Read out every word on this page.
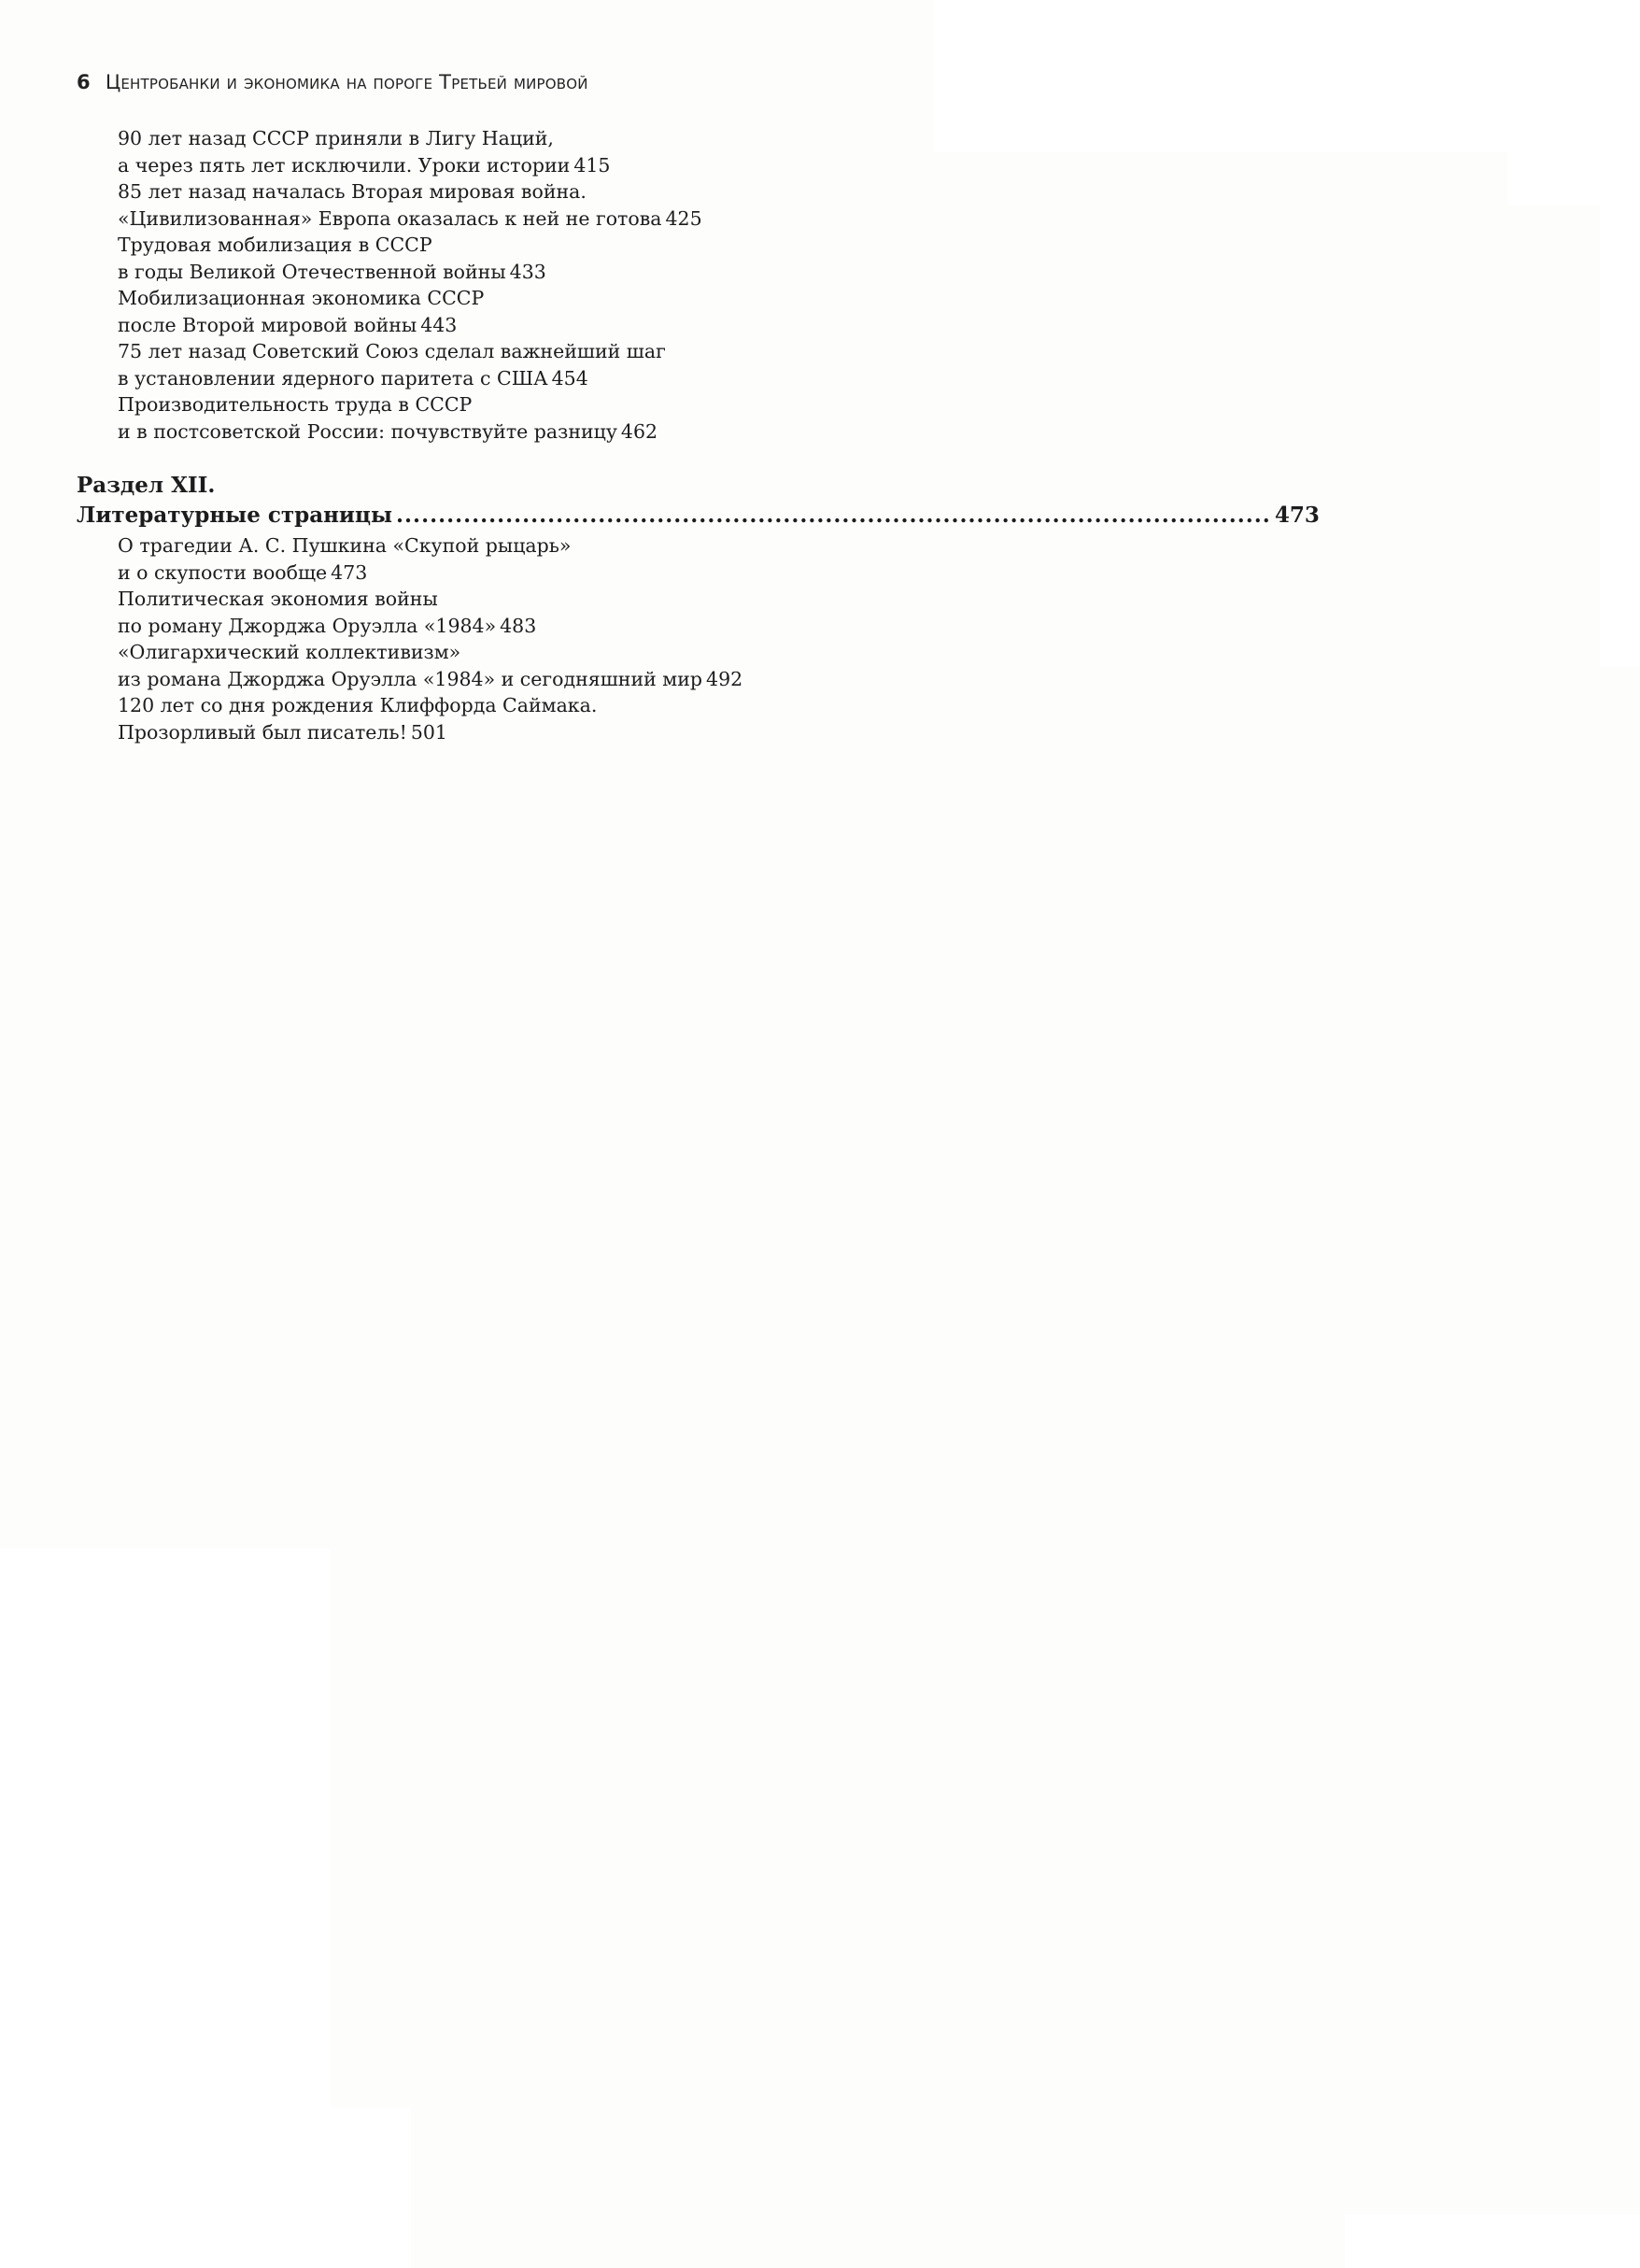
6 Центробанки и экономика на пороге Третьей мировой
90 лет назад СССР приняли в Лигу Наций,
а через пять лет исключили. Уроки истории 415
85 лет назад началась Вторая мировая война.
«Цивилизованная» Европа оказалась к ней не готова 425
Трудовая мобилизация в СССР
в годы Великой Отечественной войны 433
Мобилизационная экономика СССР
после Второй мировой войны 443
75 лет назад Советский Союз сделал важнейший шаг
в установлении ядерного паритета с США 454
Производительность труда в СССР
и в постсоветской России: почувствуйте разницу 462
Раздел XII.
Литературные страницы ........................................................................................................ 473
О трагедии А. С. Пушкина «Скупой рыцарь»
и о скупости вообще 473
Политическая экономия войны
по роману Джорджа Оруэлла «1984» 483
«Олигархический коллективизм»
из романа Джорджа Оруэлла «1984» и сегодняшний мир 492
120 лет со дня рождения Клиффорда Саймака.
Прозорливый был писатель! 501
